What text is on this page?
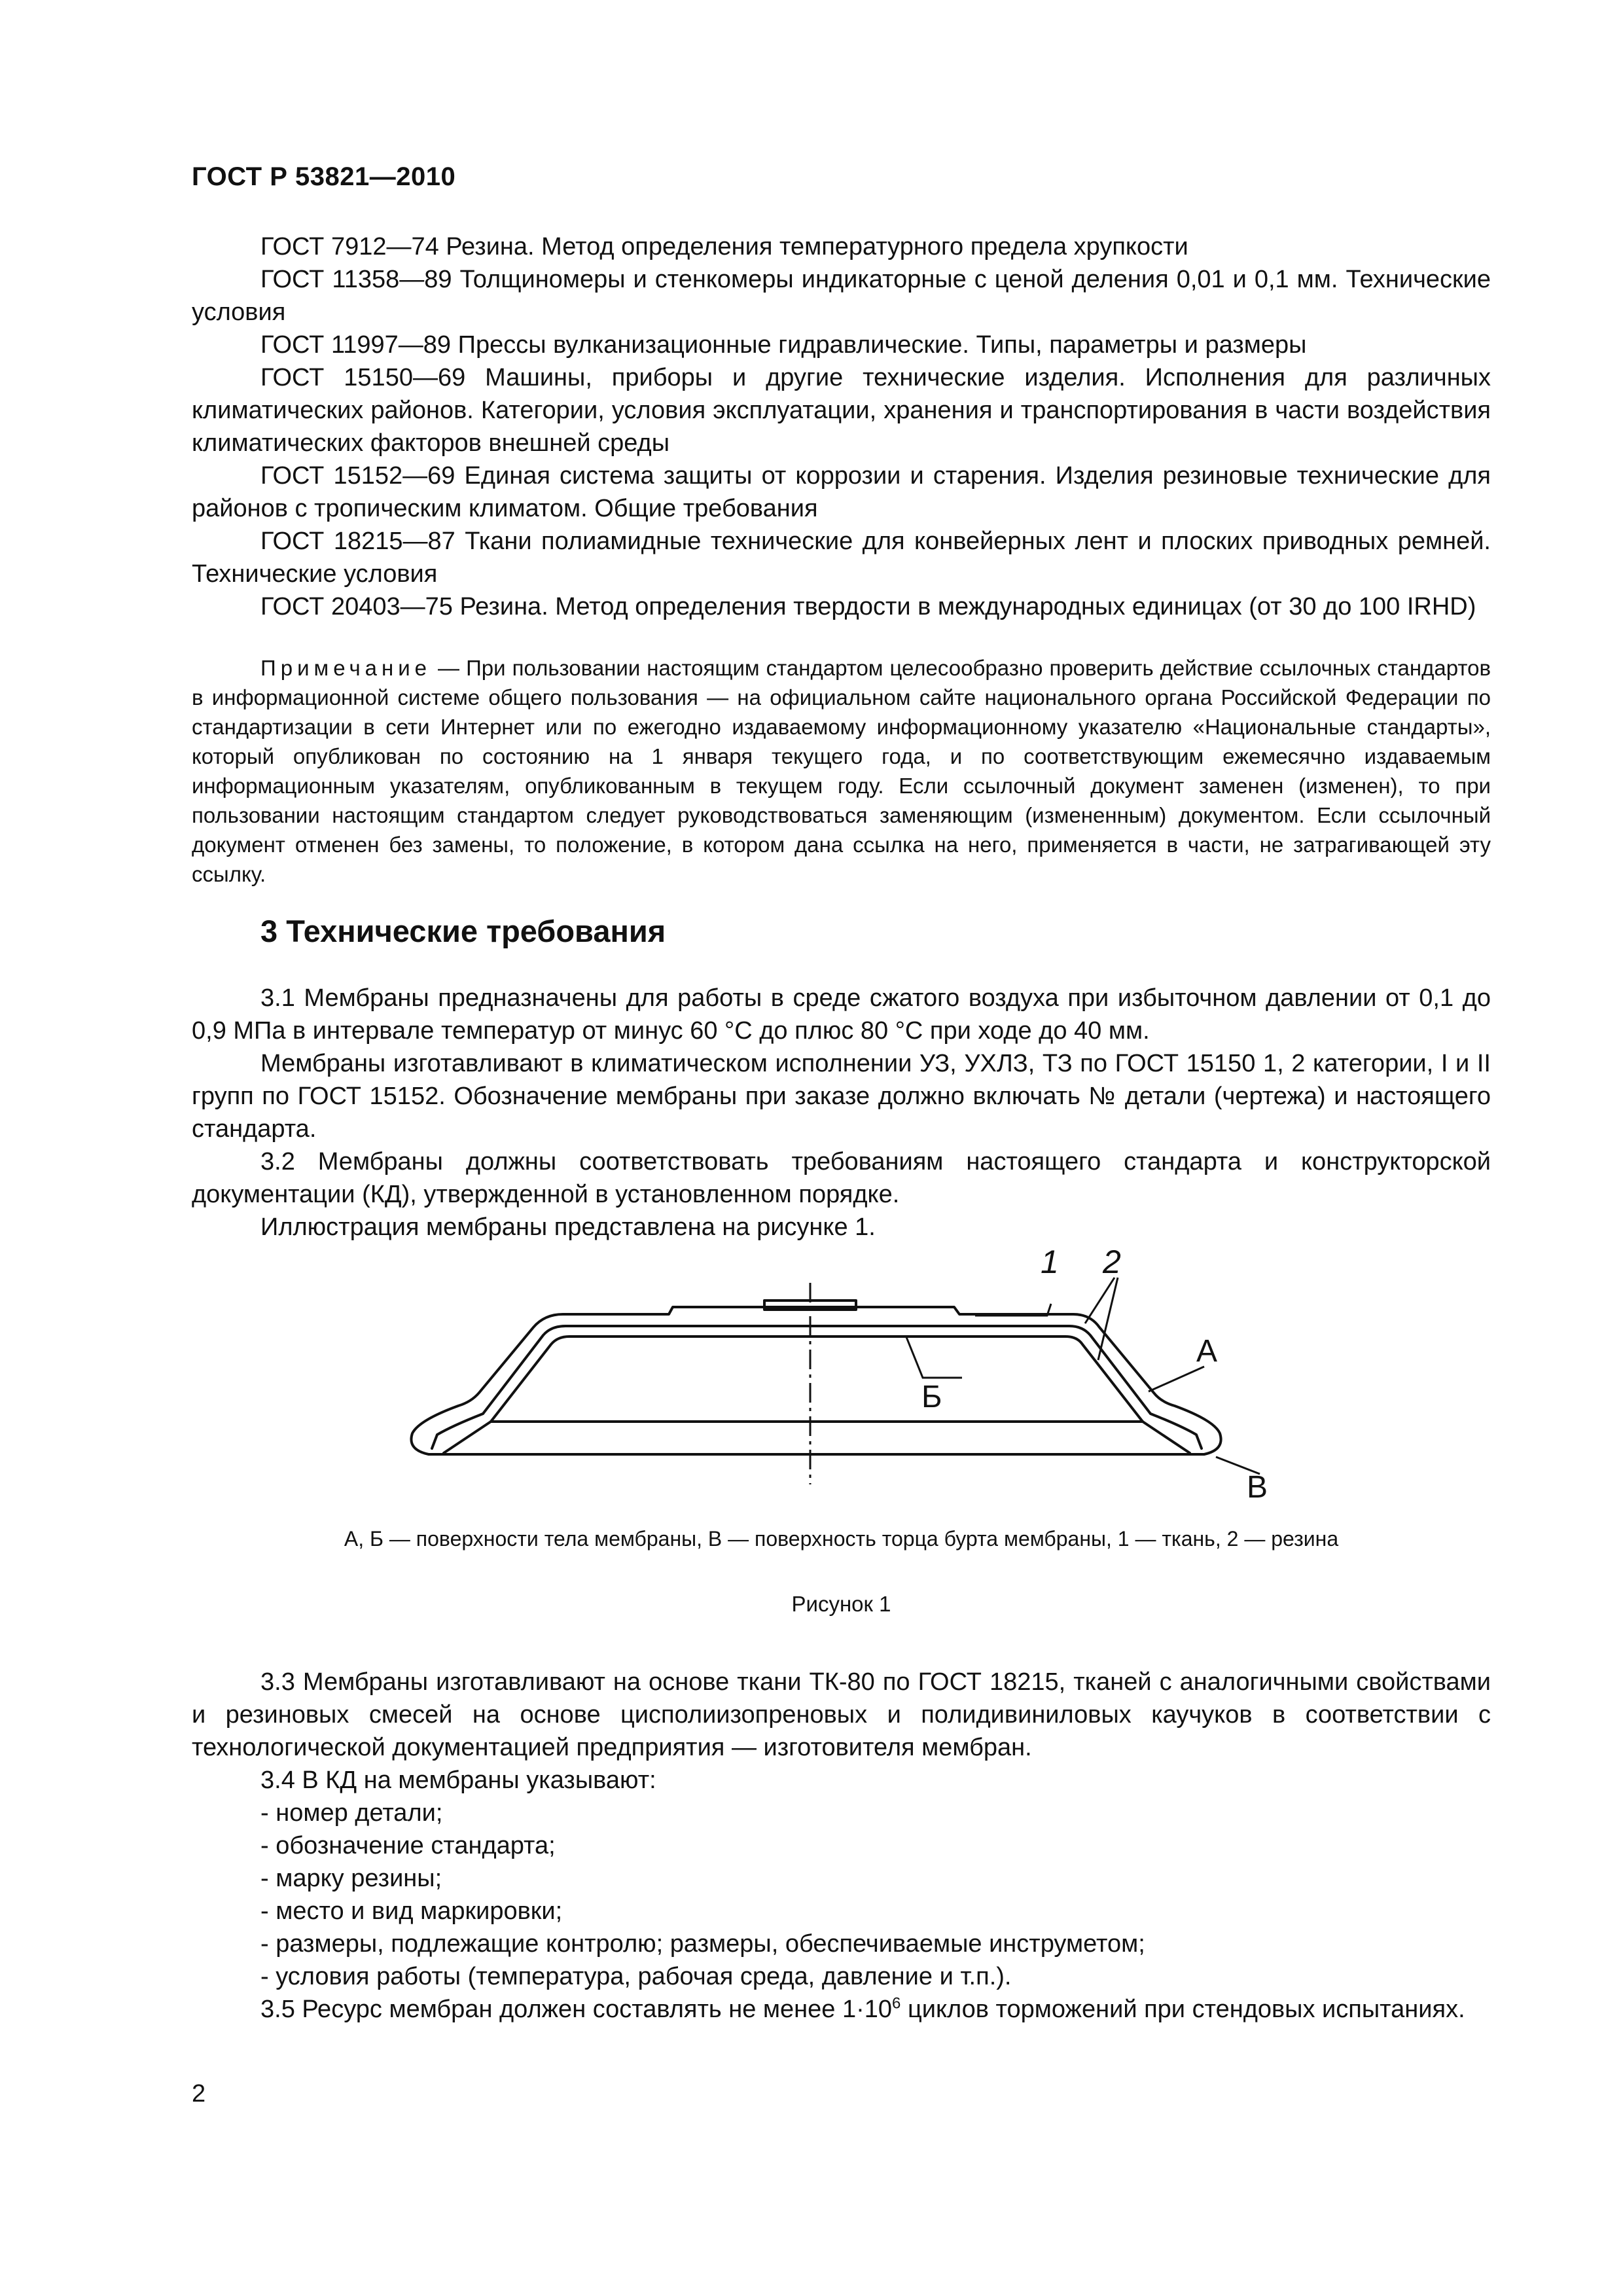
ГОСТ Р 53821—2010

ГОСТ 7912—74 Резина. Метод определения температурного предела хрупкости

ГОСТ 11358—89 Толщиномеры и стенкомеры индикаторные с ценой деления 0,01 и 0,1 мм. Технические условия

ГОСТ 11997—89 Прессы вулканизационные гидравлические. Типы, параметры и размеры

ГОСТ 15150—69 Машины, приборы и другие технические изделия. Исполнения для различных климатических районов. Категории, условия эксплуатации, хранения и транспортирования в части воздействия климатических факторов внешней среды

ГОСТ 15152—69 Единая система защиты от коррозии и старения. Изделия резиновые технические для районов с тропическим климатом. Общие требования

ГОСТ 18215—87 Ткани полиамидные технические для конвейерных лент и плоских приводных ремней. Технические условия

ГОСТ 20403—75 Резина. Метод определения твердости в международных единицах (от 30 до 100 IRHD)

Примечание — При пользовании настоящим стандартом целесообразно проверить действие ссылочных стандартов в информационной системе общего пользования — на официальном сайте национального органа Российской Федерации по стандартизации в сети Интернет или по ежегодно издаваемому информационному указателю «Национальные стандарты», который опубликован по состоянию на 1 января текущего года, и по соответствующим ежемесячно издаваемым информационным указателям, опубликованным в текущем году. Если ссылочный документ заменен (изменен), то при пользовании настоящим стандартом следует руководствоваться заменяющим (измененным) документом. Если ссылочный документ отменен без замены, то положение, в котором дана ссылка на него, применяется в части, не затрагивающей эту ссылку.

3 Технические требования

3.1 Мембраны предназначены для работы в среде сжатого воздуха при избыточном давлении от 0,1 до 0,9 МПа в интервале температур от минус 60 °С до плюс 80 °С при ходе до 40 мм.

Мембраны изготавливают в климатическом исполнении УЗ, УХЛЗ, ТЗ по ГОСТ 15150 1, 2 категории, I и II групп по ГОСТ 15152. Обозначение мембраны при заказе должно включать № детали (чертежа) и настоящего стандарта.

3.2 Мембраны должны соответствовать требованиям настоящего стандарта и конструкторской документации (КД), утвержденной в установленном порядке.

Иллюстрация мембраны представлена на рисунке 1.

1 2
А
Б
В
А, Б — поверхности тела мембраны, В — поверхность торца бурта мембраны, 1 — ткань, 2 — резина
Рисунок 1

3.3 Мембраны изготавливают на основе ткани ТК-80 по ГОСТ 18215, тканей с аналогичными свойствами и резиновых смесей на основе цисполиизопреновых и полидивиниловых каучуков в соответствии с технологической документацией предприятия — изготовителя мембран.

3.4 В КД на мембраны указывают:

- номер детали;

- обозначение стандарта;

- марку резины;

- место и вид маркировки;

- размеры, подлежащие контролю; размеры, обеспечиваемые инструметом;

- условия работы (температура, рабочая среда, давление и т.п.).

3.5 Ресурс мембран должен составлять не менее $1\cdot 10^6$ циклов торможений при стендовых испытаниях.

2
